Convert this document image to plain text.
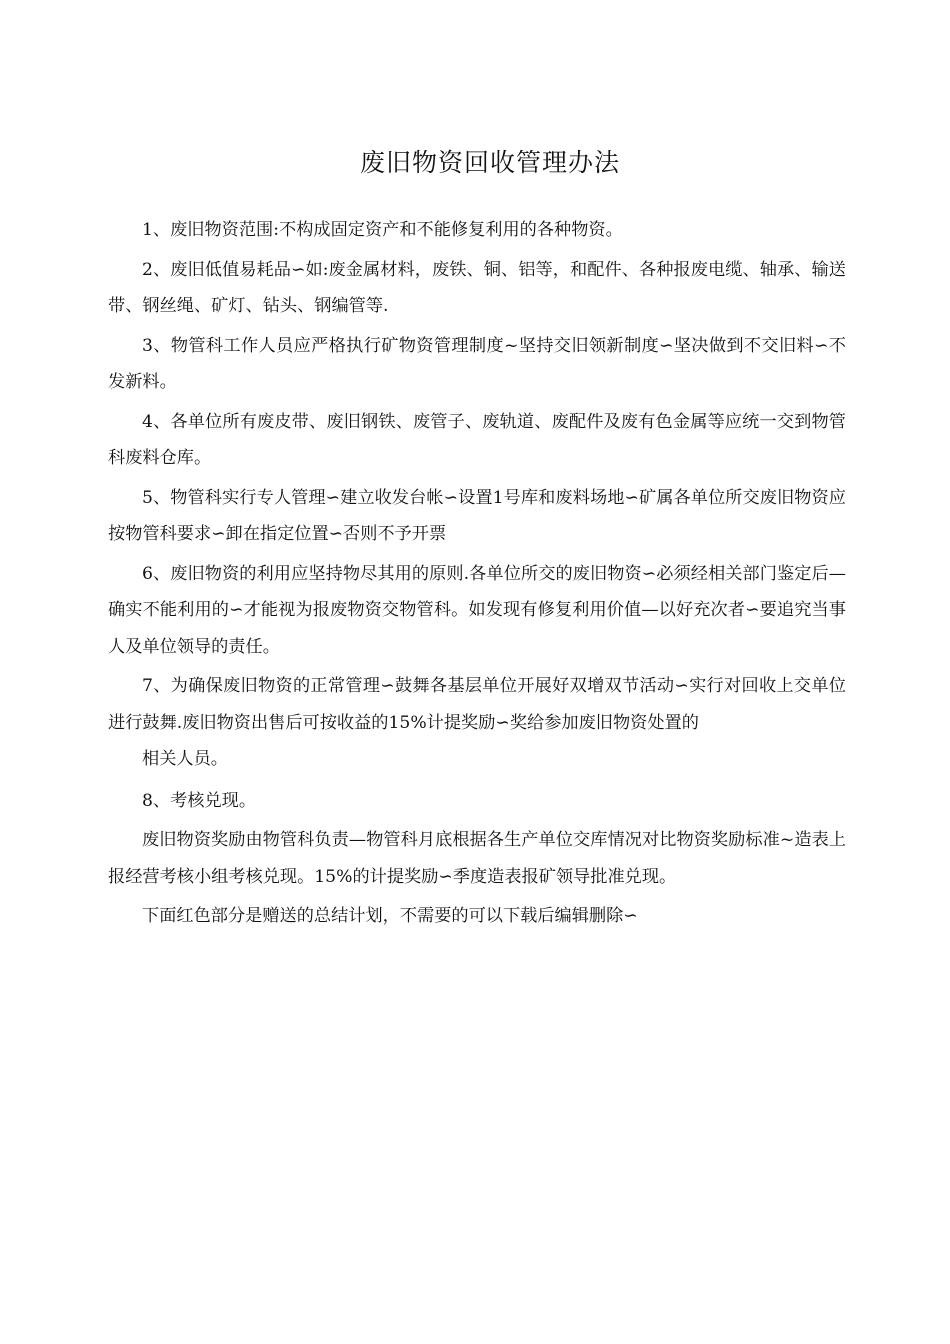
废旧物资回收管理办法

1、废旧物资范围:不构成固定资产和不能修复利用的各种物资。

2、废旧低值易耗品∽如:废金属材料，废铁、铜、铝等，和配件、各种报废电缆、轴承、输送带、钢丝绳、矿灯、钻头、钢编管等.

3、物管科工作人员应严格执行矿物资管理制度~坚持交旧领新制度∽坚决做到不交旧料∽不发新料。

4、各单位所有废皮带、废旧钢铁、废管子、废轨道、废配件及废有色金属等应统一交到物管科废料仓库。

5、物管科实行专人管理∽建立收发台帐∽设置1号库和废料场地∽矿属各单位所交废旧物资应按物管科要求∽卸在指定位置∽否则不予开票

6、废旧物资的利用应坚持物尽其用的原则.各单位所交的废旧物资∽必须经相关部门鉴定后—确实不能利用的∽才能视为报废物资交物管科。如发现有修复利用价值—以好充次者∽要追究当事人及单位领导的责任。

7、为确保废旧物资的正常管理∽鼓舞各基层单位开展好双增双节活动∽实行对回收上交单位进行鼓舞.废旧物资出售后可按收益的15%计提奖励∽奖给参加废旧物资处置的

相关人员。

8、考核兑现。

废旧物资奖励由物管科负责—物管科月底根据各生产单位交库情况对比物资奖励标准~造表上报经营考核小组考核兑现。15%的计提奖励∽季度造表报矿领导批准兑现。

下面红色部分是赠送的总结计划，不需要的可以下载后编辑删除∽
